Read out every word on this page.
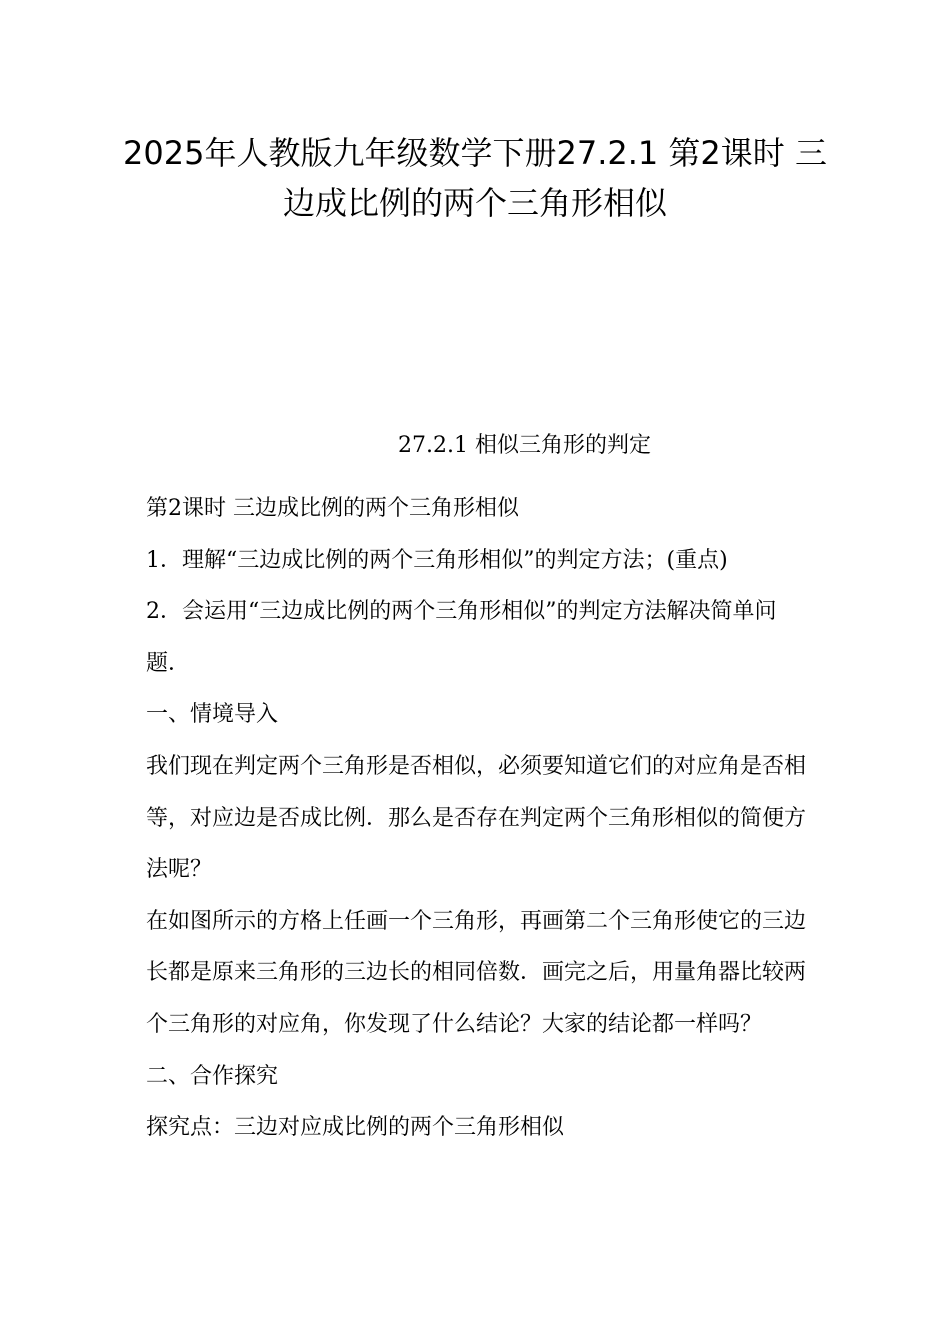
2025年人教版九年级数学下册27.2.1 第2课时 三边成比例的两个三角形相似
27.2.1 相似三角形的判定

第2课时 三边成比例的两个三角形相似

1．理解“三边成比例的两个三角形相似”的判定方法；(重点)

2．会运用“三边成比例的两个三角形相似”的判定方法解决简单问题．

一、情境导入

我们现在判定两个三角形是否相似，必须要知道它们的对应角是否相等，对应边是否成比例．那么是否存在判定两个三角形相似的简便方法呢？

在如图所示的方格上任画一个三角形，再画第二个三角形使它的三边长都是原来三角形的三边长的相同倍数．画完之后，用量角器比较两个三角形的对应角，你发现了什么结论？大家的结论都一样吗？

二、合作探究

探究点：三边对应成比例的两个三角形相似
